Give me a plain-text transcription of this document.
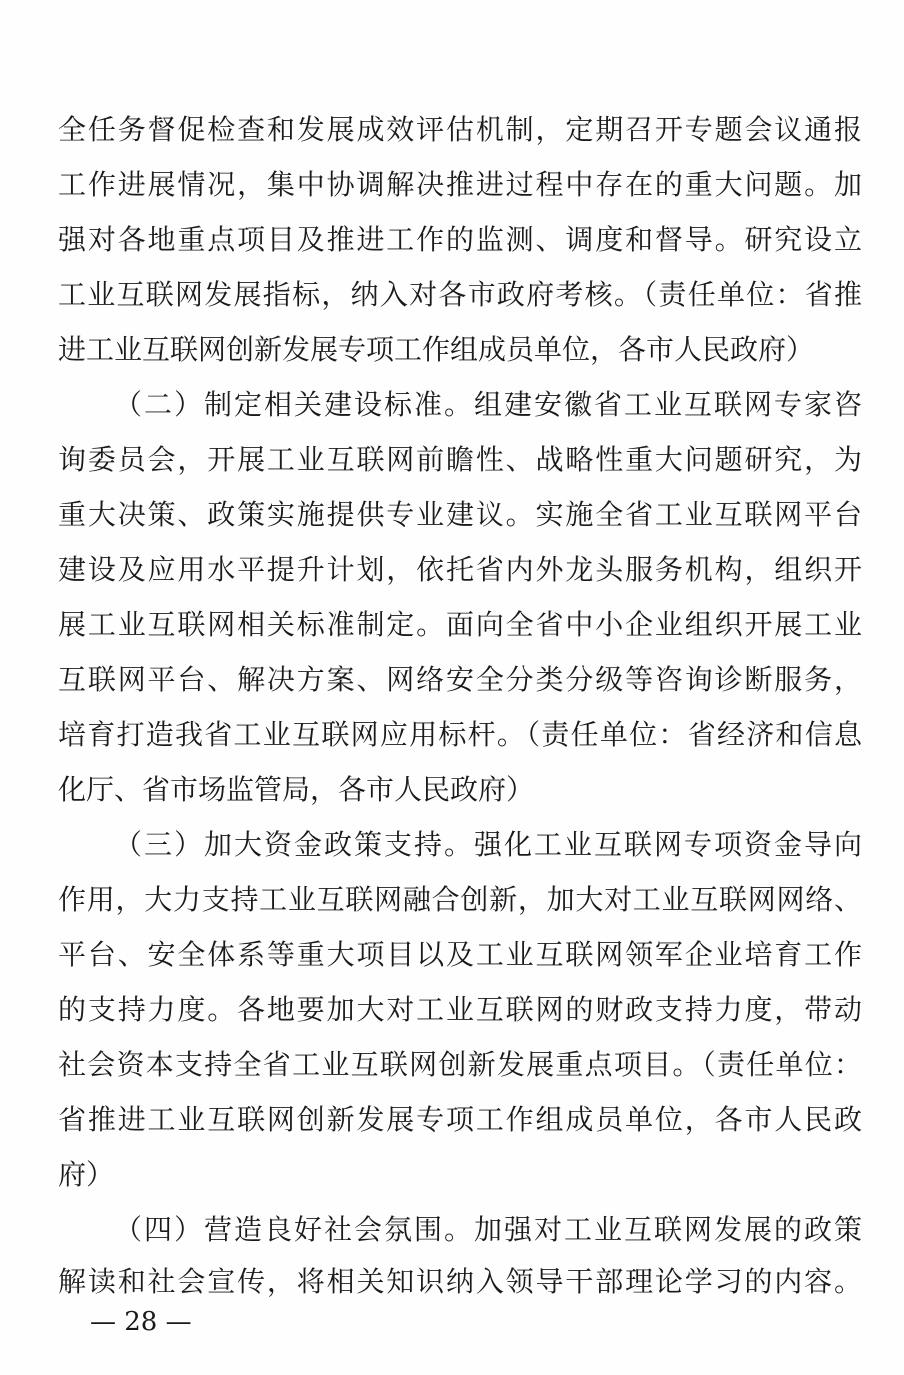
全任务督促检查和发展成效评估机制，定期召开专题会议通报
工作进展情况，集中协调解决推进过程中存在的重大问题。加
强对各地重点项目及推进工作的监测、调度和督导。研究设立
工业互联网发展指标，纳入对各市政府考核。（责任单位：省推
进工业互联网创新发展专项工作组成员单位，各市人民政府）
（二）制定相关建设标准。组建安徽省工业互联网专家咨
询委员会，开展工业互联网前瞻性、战略性重大问题研究，为
重大决策、政策实施提供专业建议。实施全省工业互联网平台
建设及应用水平提升计划，依托省内外龙头服务机构，组织开
展工业互联网相关标准制定。面向全省中小企业组织开展工业
互联网平台、解决方案、网络安全分类分级等咨询诊断服务，
培育打造我省工业互联网应用标杆。（责任单位：省经济和信息
化厅、省市场监管局，各市人民政府）
（三）加大资金政策支持。强化工业互联网专项资金导向
作用，大力支持工业互联网融合创新，加大对工业互联网网络、
平台、安全体系等重大项目以及工业互联网领军企业培育工作
的支持力度。各地要加大对工业互联网的财政支持力度，带动
社会资本支持全省工业互联网创新发展重点项目。（责任单位：
省推进工业互联网创新发展专项工作组成员单位，各市人民政
府）
（四）营造良好社会氛围。加强对工业互联网发展的政策
解读和社会宣传，将相关知识纳入领导干部理论学习的内容。
— 28 —
